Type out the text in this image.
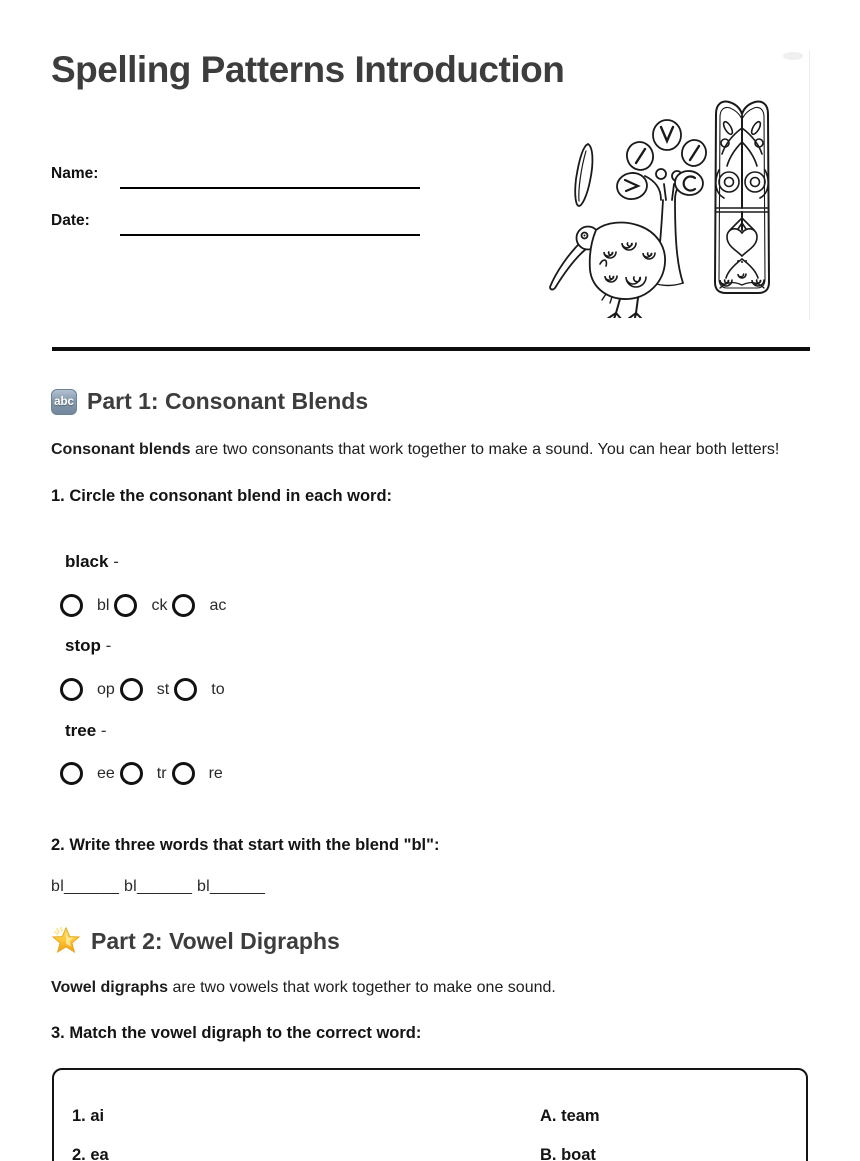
Spelling Patterns Introduction
Name:
Date:
abc Part 1: Consonant Blends

Consonant blends are two consonants that work together to make a sound. You can hear both letters!

1. Circle the consonant blend in each word:

black -
bl	ck	ac
stop -
op	st	to
tree -
ee	tr	re

2. Write three words that start with the blend "bl":

bl______ bl______ bl______

Part 2: Vowel Digraphs

Vowel digraphs are two vowels that work together to make one sound.

3. Match the vowel digraph to the correct word:

1. ai	A. team
2. ea	B. boat
